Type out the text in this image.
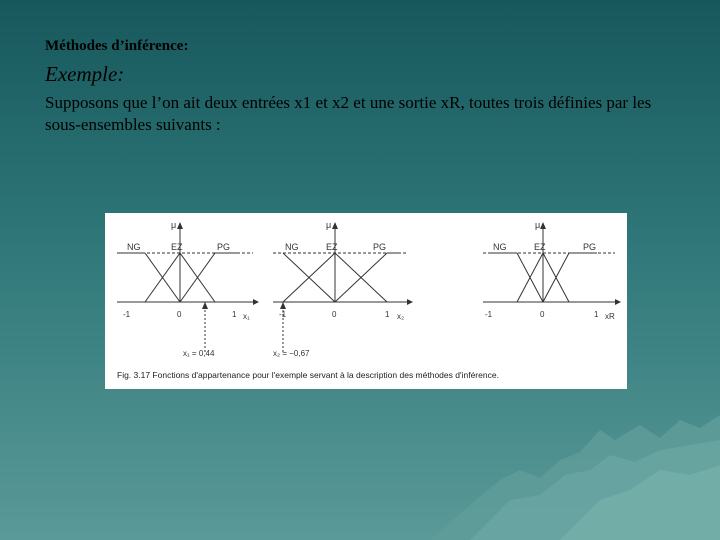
Méthodes d’inférence:
Exemple:
Supposons que l’on ait deux entrées x1 et x2 et une sortie xR, toutes trois définies par les sous-ensembles suivants :
μ
NG	EZ	PG
-1	0	1 x₁
x₁ = 0,44
μ
NG	EZ	PG
-1	0	1 x₂
x₂ = −0,67
μ
NG	EZ	PG
-1	0	1 xR
Fig. 3.17 Fonctions d'appartenance pour l'exemple servant à la description des méthodes d'inférence.
